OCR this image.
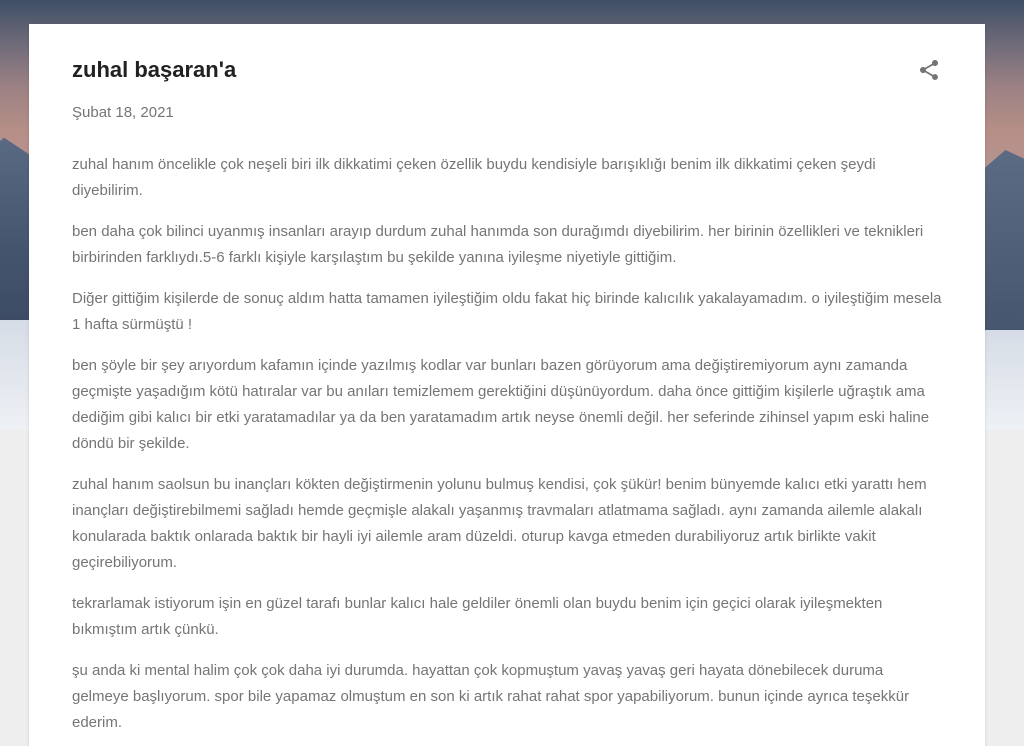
zuhal başaran'a
Şubat 18, 2021

zuhal hanım öncelikle çok neşeli biri ilk dikkatimi çeken özellik buydu kendisiyle barışıklığı benim ilk dikkatimi çeken şeydi diyebilirim.

ben daha çok bilinci uyanmış insanları arayıp durdum zuhal hanımda son durağımdı diyebilirim. her birinin özellikleri ve teknikleri birbirinden farklıydı.5-6 farklı kişiyle karşılaştım bu şekilde yanına iyileşme niyetiyle gittiğim.

Diğer gittiğim kişilerde de sonuç aldım hatta tamamen iyileştiğim oldu fakat hiç birinde kalıcılık yakalayamadım. o iyileştiğim mesela 1 hafta sürmüştü !

ben şöyle bir şey arıyordum kafamın içinde yazılmış kodlar var bunları bazen görüyorum ama değiştiremiyorum aynı zamanda geçmişte yaşadığım kötü hatıralar var bu anıları temizlemem gerektiğini düşünüyordum. daha önce gittiğim kişilerle uğraştık ama dediğim gibi kalıcı bir etki yaratamadılar ya da ben yaratamadım artık neyse önemli değil. her seferinde zihinsel yapım eski haline döndü bir şekilde.

zuhal hanım saolsun bu inançları kökten değiştirmenin yolunu bulmuş kendisi, çok şükür! benim bünyemde kalıcı etki yarattı hem inançları değiştirebilmemi sağladı hemde geçmişle alakalı yaşanmış travmaları atlatmama sağladı. aynı zamanda ailemle alakalı konularada baktık onlarada baktık bir hayli iyi ailemle aram düzeldi. oturup kavga etmeden durabiliyoruz artık birlikte vakit geçirebiliyorum.

tekrarlamak istiyorum işin en güzel tarafı bunlar kalıcı hale geldiler önemli olan buydu benim için geçici olarak iyileşmekten bıkmıştım artık çünkü.

şu anda ki mental halim çok çok daha iyi durumda. hayattan çok kopmuştum yavaş yavaş geri hayata dönebilecek duruma gelmeye başlıyorum. spor bile yapamaz olmuştum en son ki artık rahat rahat spor yapabiliyorum. bunun içinde ayrıca teşekkür ederim.
